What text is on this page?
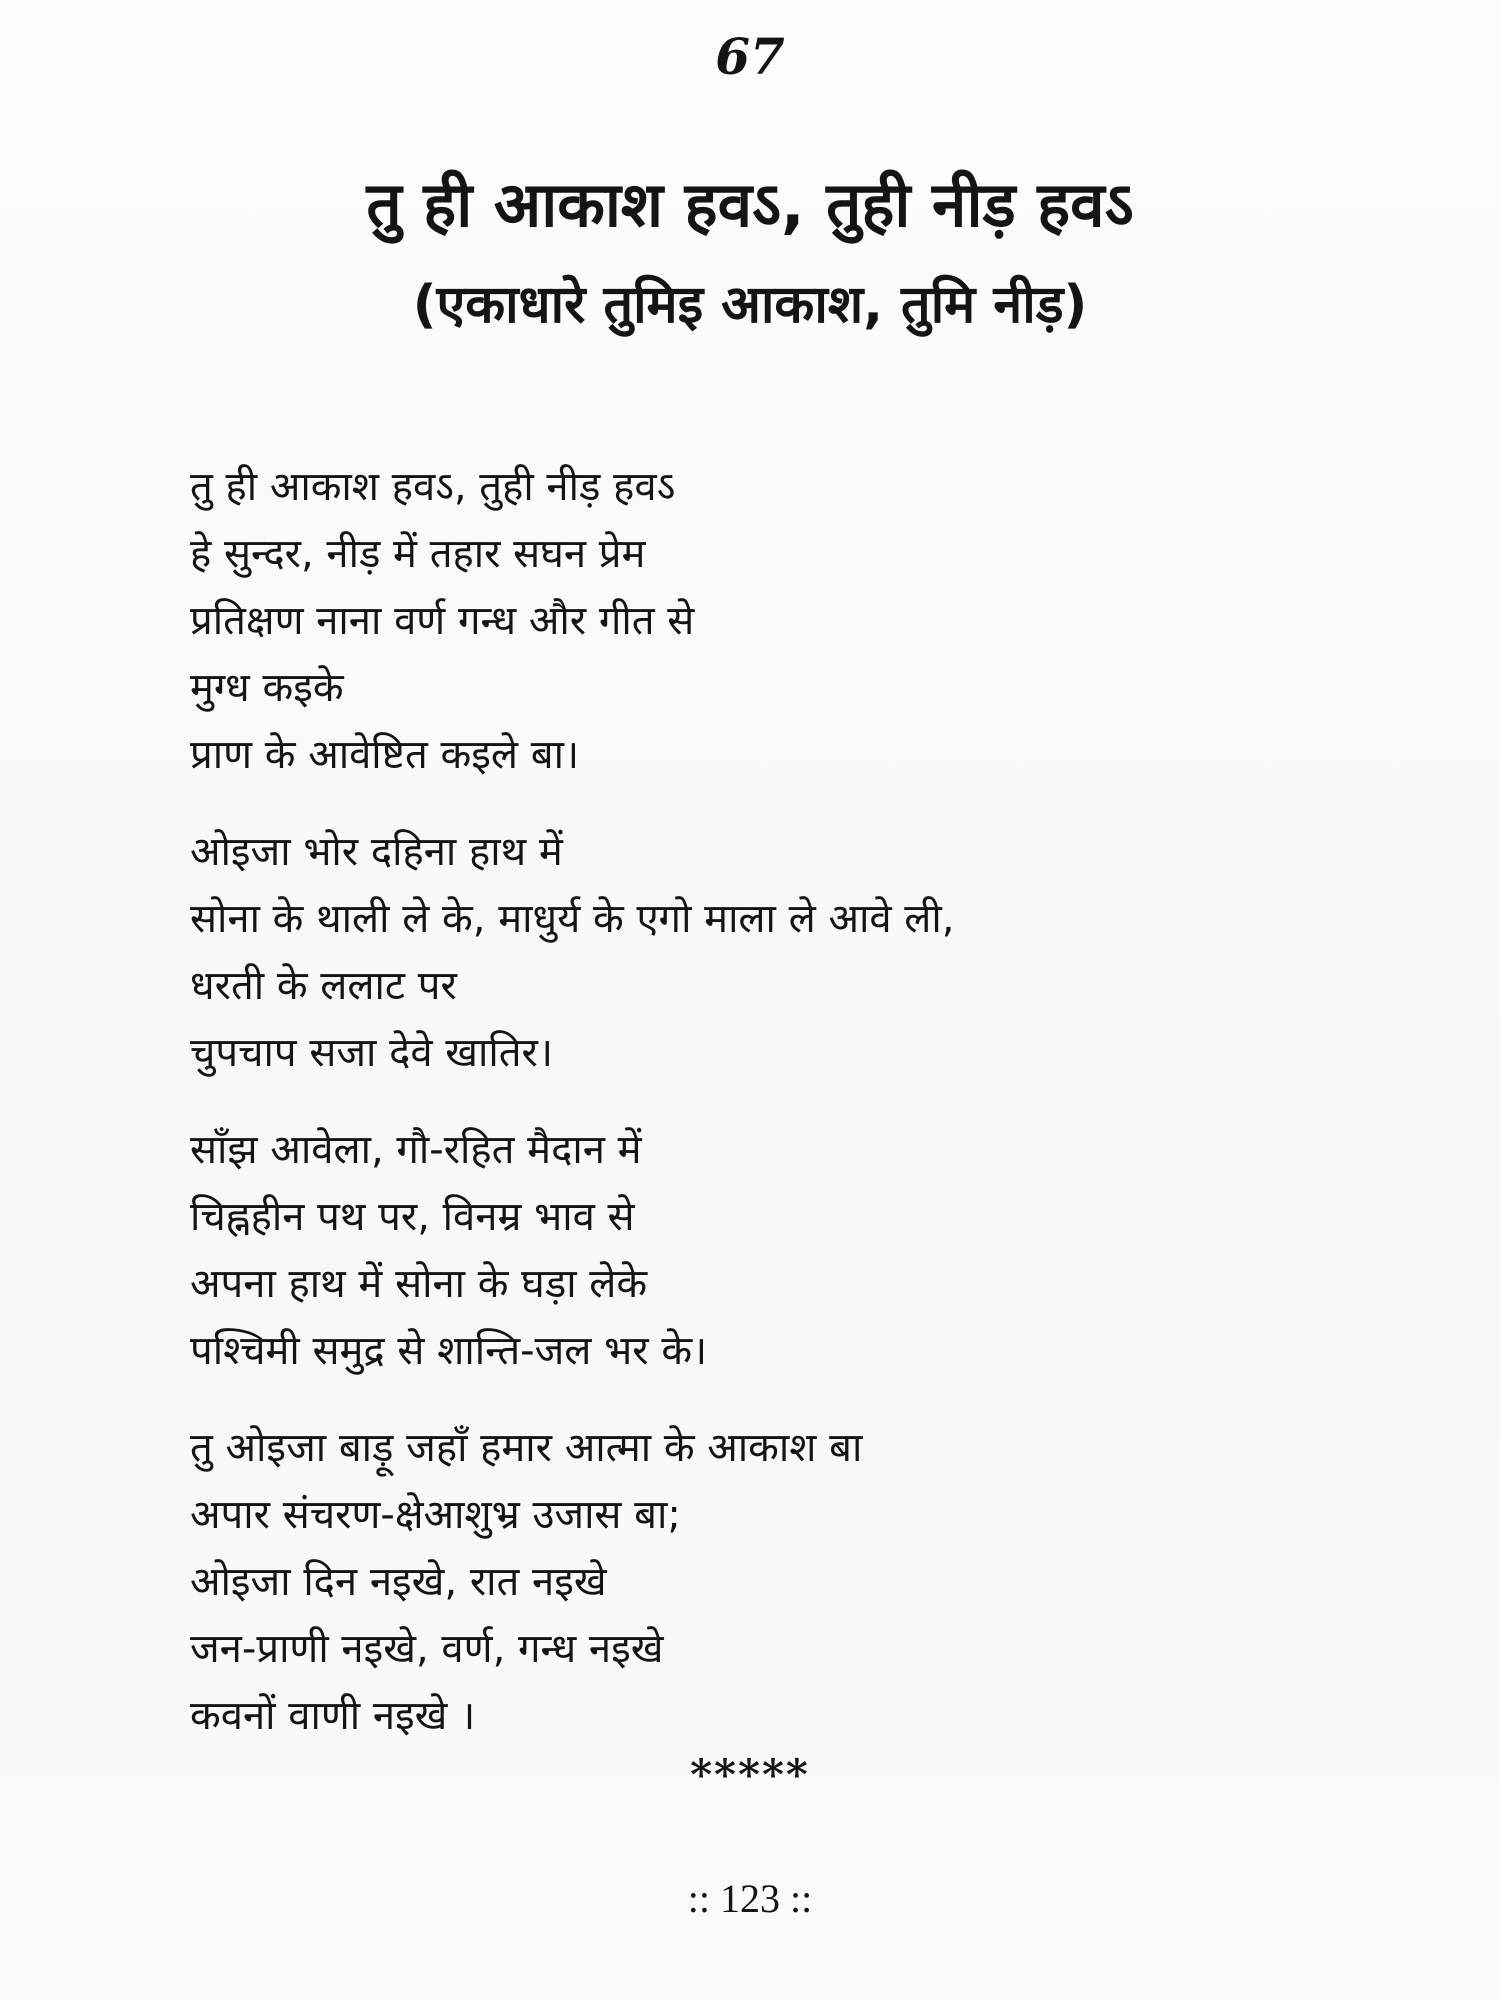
67
तु ही आकाश हवऽ, तुही नीड़ हवऽ
(एकाधारे तुमिइ आकाश, तुमि नीड़)
तु ही आकाश हवऽ, तुही नीड़ हवऽ
हे सुन्दर, नीड़ में तहार सघन प्रेम
प्रतिक्षण नाना वर्ण गन्ध और गीत से
मुग्ध कइके
प्राण के आवेष्टित कइले बा।
ओइजा भोर दहिना हाथ में
सोना के थाली ले के, माधुर्य के एगो माला ले आवे ली,
धरती के ललाट पर
चुपचाप सजा देवे खातिर।
साँझ आवेला, गौ-रहित मैदान में
चिह्नहीन पथ पर, विनम्र भाव से
अपना हाथ में सोना के घड़ा लेके
पश्चिमी समुद्र से शान्ति-जल भर के।
तु ओइजा बाड़ू जहाँ हमार आत्मा के आकाश बा
अपार संचरण-क्षेआशुभ्र उजास बा;
ओइजा दिन नइखे, रात नइखे
जन-प्राणी नइखे, वर्ण, गन्ध नइखे
कवनों वाणी नइखे ।
*****
:: 123 ::
